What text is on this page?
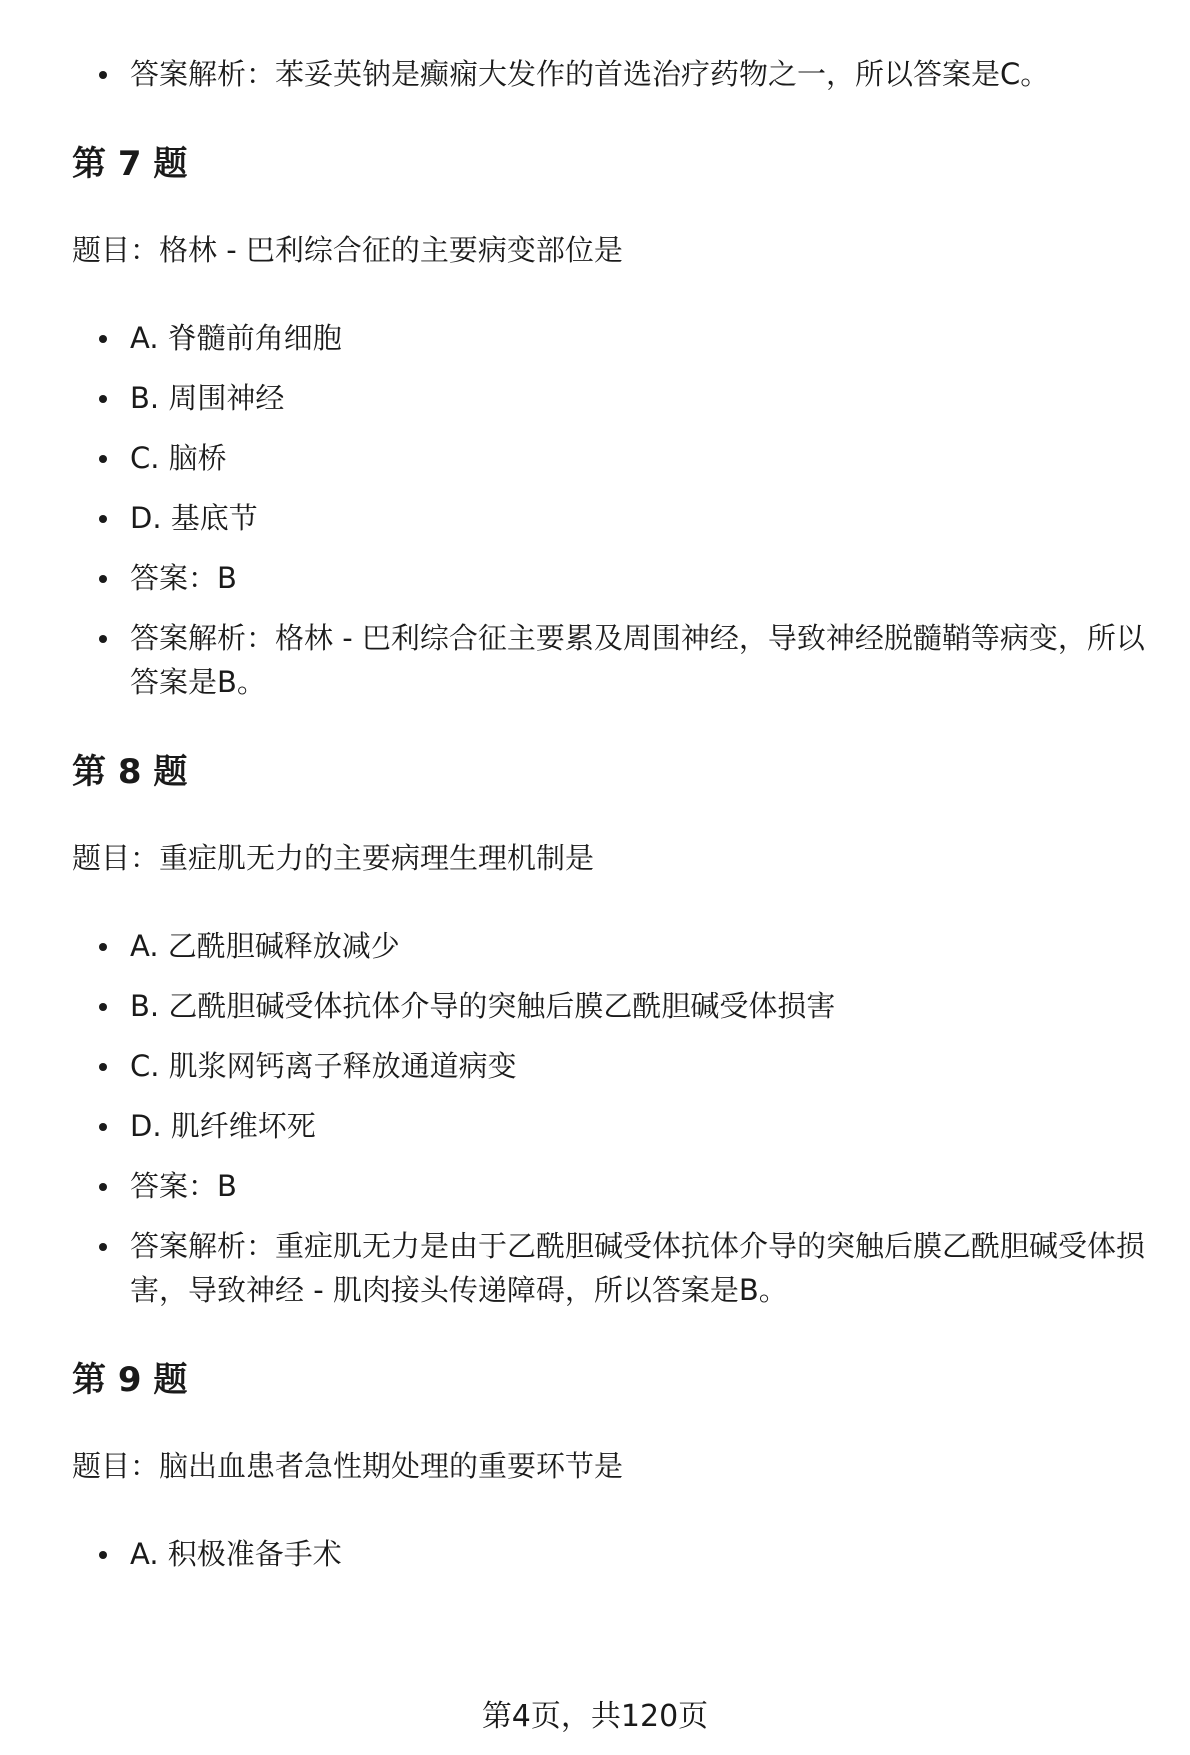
答案解析：苯妥英钠是癫痫大发作的首选治疗药物之一，所以答案是C。
第 7 题

题目：格林 - 巴利综合征的主要病变部位是

A. 脊髓前角细胞
B. 周围神经
C. 脑桥
D. 基底节
答案：B
答案解析：格林 - 巴利综合征主要累及周围神经，导致神经脱髓鞘等病变，所以答案是B。
第 8 题

题目：重症肌无力的主要病理生理机制是

A. 乙酰胆碱释放减少
B. 乙酰胆碱受体抗体介导的突触后膜乙酰胆碱受体损害
C. 肌浆网钙离子释放通道病变
D. 肌纤维坏死
答案：B
答案解析：重症肌无力是由于乙酰胆碱受体抗体介导的突触后膜乙酰胆碱受体损害，导致神经 - 肌肉接头传递障碍，所以答案是B。
第 9 题

题目：脑出血患者急性期处理的重要环节是

A. 积极准备手术
第4页，共120页
